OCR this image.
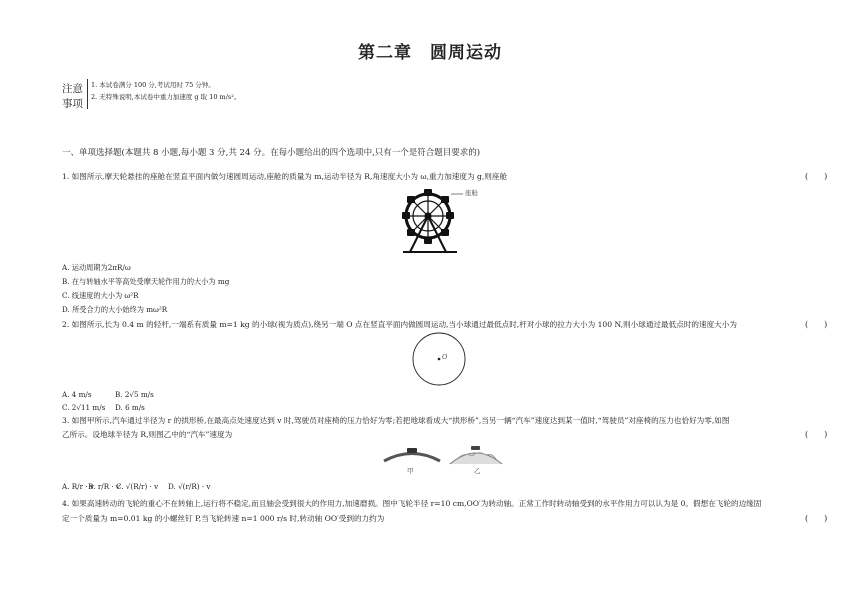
第二章　圆周运动
注意
事项
1. 本试卷满分 100 分,考试用时 75 分钟。
2. 无特殊说明,本试卷中重力加速度 g 取 10 m/s²。
一、单项选择题(本题共 8 小题,每小题 3 分,共 24 分。在每小题给出的四个选项中,只有一个是符合题目要求的)
1. 如图所示,摩天轮悬挂的座舱在竖直平面内做匀速圆周运动,座舱的质量为 m,运动半径为 R,角速度大小为 ω,重力加速度为 g,则座舱	(　　)
座舱
A. 运动周期为2πR/ω
B. 在与转轴水平等高处受摩天轮作用力的大小为 mg
C. 线速度的大小为 ω²R
D. 所受合力的大小始终为 mω²R
2. 如图所示,长为 0.4 m 的轻杆,一端系有质量 m=1 kg 的小球(视为质点),绕另一端 O 点在竖直平面内做圆周运动,当小球通过最低点时,杆对小球的拉力大小为 100 N,则小球通过最低点时的速度大小为	(　　)
O
A. 4 m/s	B. 2√5 m/s
C. 2√11 m/s D. 6 m/s
3. 如图甲所示,汽车通过半径为 r 的拱形桥,在最高点处速度达到 v 时,驾驶员对座椅的压力恰好为零;若把地球看成大“拱形桥”,当另一辆“汽车”速度达到某一值时,“驾驶员”对座椅的压力也恰好为零,如图
乙所示。设地球半径为 R,则图乙中的“汽车”速度为	(　　)
甲	乙
A. R/r · v
B. r/R · v
C. √(R/r) · v D. √(r/R) · v
4. 如果高速转动的飞轮的重心不在转轴上,运行将不稳定,而且轴会受到很大的作用力,加速磨损。图中飞轮半径 r=10 cm,OO′为转动轴。正常工作时转动轴受到的水平作用力可以认为是 0。假想在飞轮的边缘固
定一个质量为 m=0.01 kg 的小螺丝钉 P,当飞轮转速 n=1 000 r/s 时,转动轴 OO′受到的力约为	(　　)
